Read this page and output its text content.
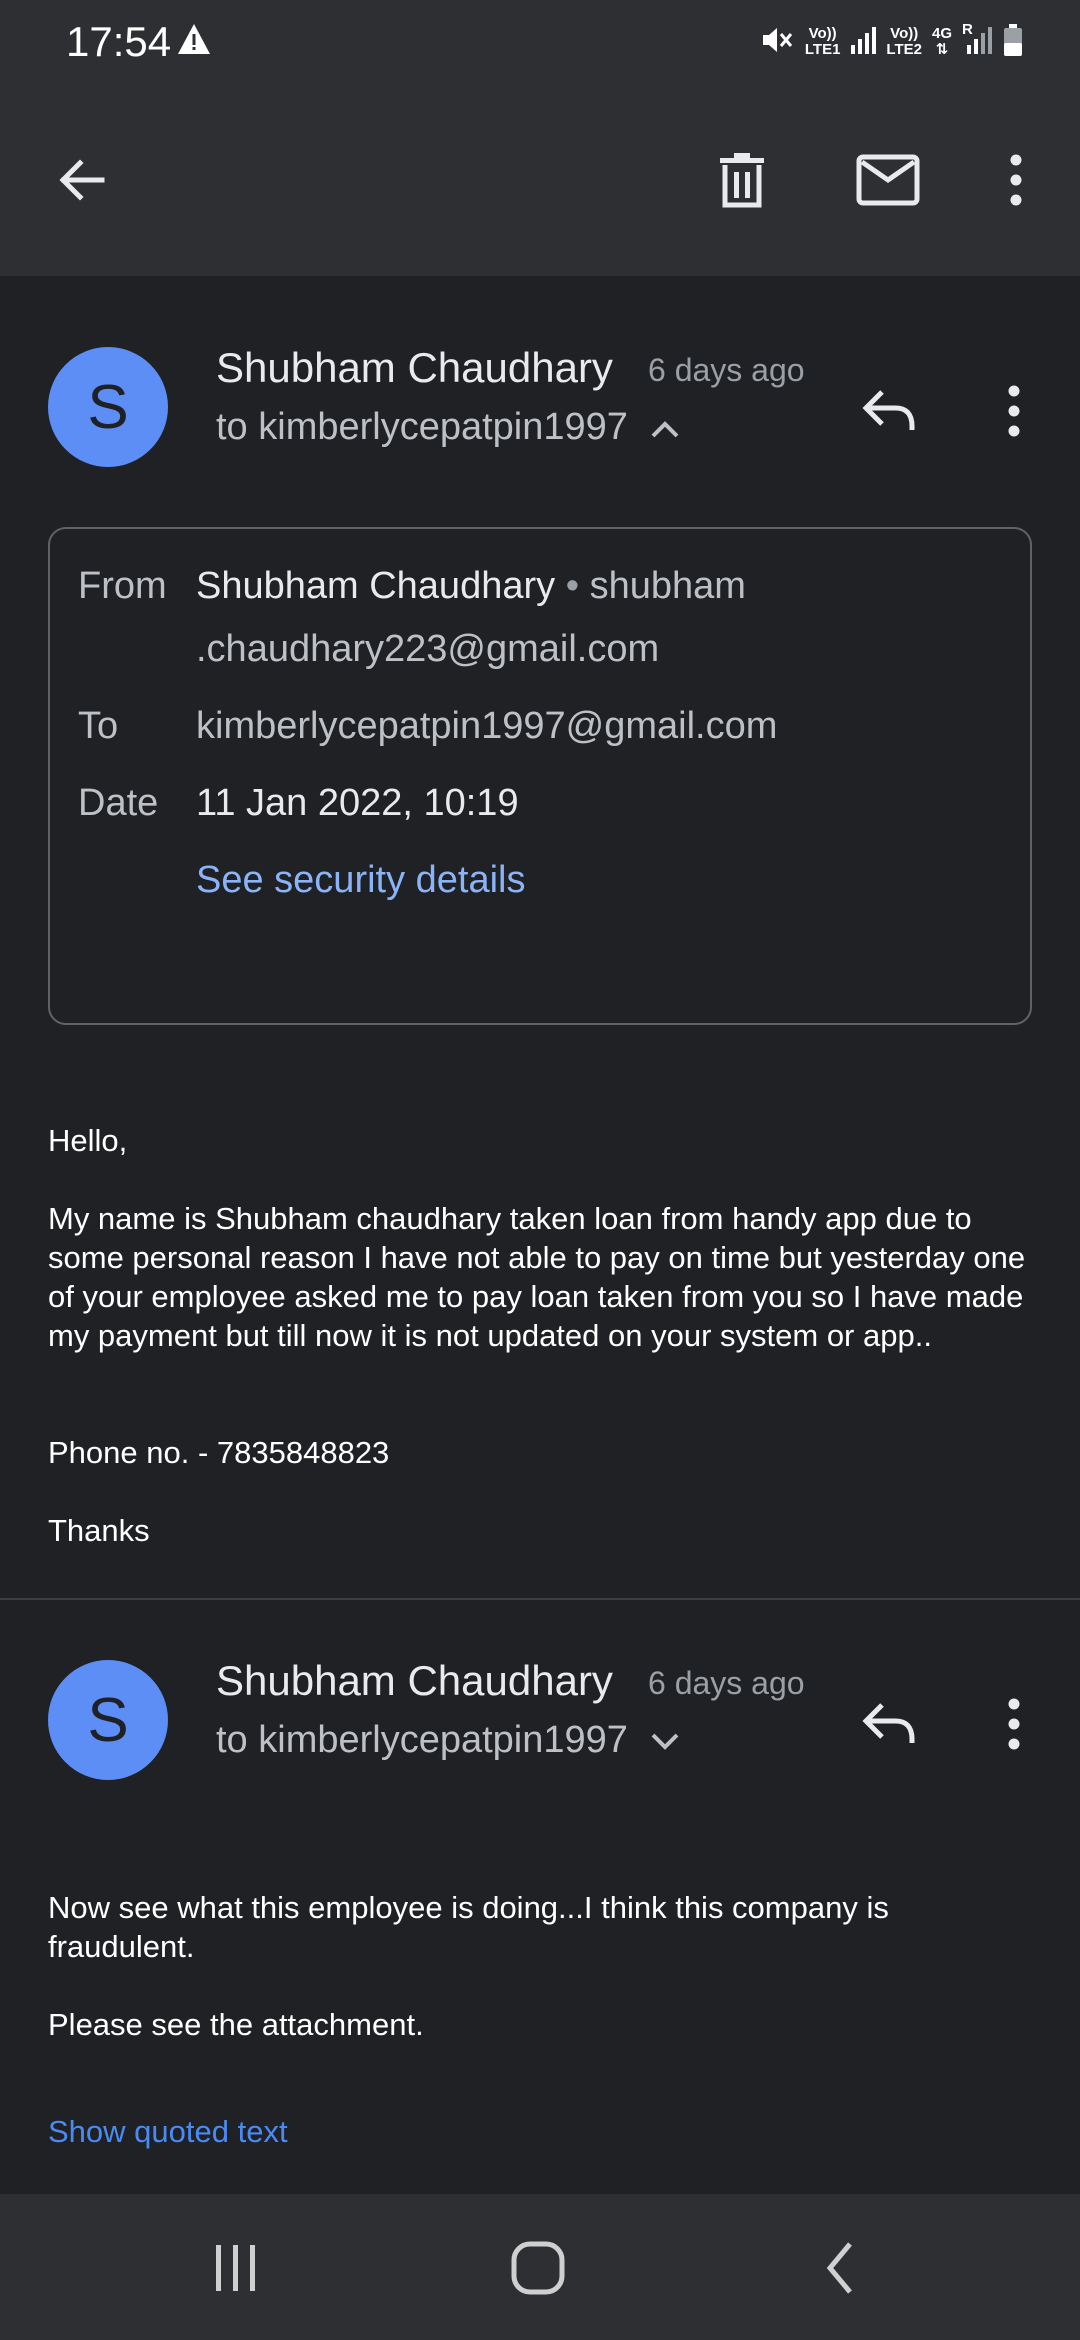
17:54	Vo))
LTE1
Vo))
LTE2
4G
⇅
R
S
Shubham Chaudhary 6 days ago
to kimberlycepatpin1997
From Shubham Chaudhary • shubham
.chaudhary223@gmail.com
To kimberlycepatpin1997@gmail.com
Date 11 Jan 2022, 10:19
See security details
Hello,
My name is Shubham chaudhary taken loan from handy app due to some personal reason I have not able to pay on time but yesterday one of your employee asked me to pay loan taken from you so I have made my payment but till now it is not updated on your system or app..
Phone no. - 7835848823
Thanks
S
Shubham Chaudhary 6 days ago
to kimberlycepatpin1997
Now see what this employee is doing...I think this company is fraudulent.
Please see the attachment.
Show quoted text
